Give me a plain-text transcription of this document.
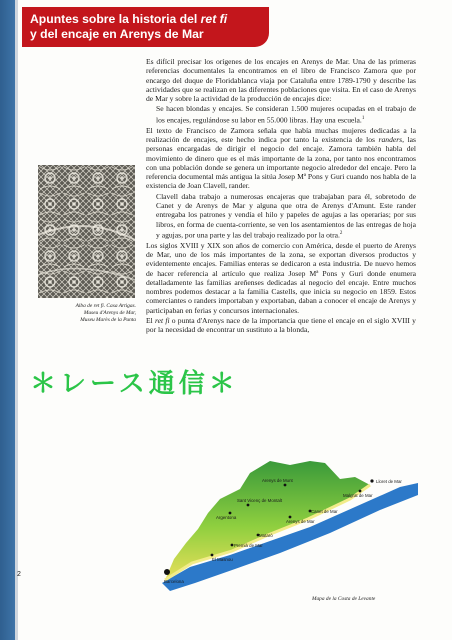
Apuntes sobre la historia del ret fi
y del encaje en Arenys de Mar

Es difícil precisar los orígenes de los encajes en Arenys de Mar. Una de las primeras referencias documentales la encontramos en el libro de Francisco Zamora que por encargo del duque de Floridablanca viaja por Cataluña entre 1789-1790 y describe las actividades que se realizan en las diferentes poblaciones que visita. En el caso de Arenys de Mar y sobre la actividad de la producción de encajes dice:

Se hacen blondas y encajes. Se consideran 1.500 mujeres ocupadas en el trabajo de los encajes, regulándose su labor en 55.000 libras. Hay una escuela.$^1$

El texto de Francisco de Zamora señala que había muchas mujeres dedicadas a la realización de encajes, este hecho indica por tanto la existencia de los randers, las personas encargadas de dirigir el negocio del encaje. Zamora también habla del movimiento de dinero que es el más importante de la zona, por tanto nos encontramos con una población donde se genera un importante negocio alrededor del encaje. Pero la referencia documental más antigua la sitúa Josep Mª Pons y Guri cuando nos habla de la existencia de Joan Clavell, rander.

Clavell daba trabajo a numerosas encajeras que trabajaban para él, sobretodo de Canet y de Arenys de Mar y alguna que otra de Arenys d'Amunt. Este rander entregaba los patrones y vendía el hilo y papeles de agujas a las operarias; por sus libros, en forma de cuenta-corriente, se ven los asentamientos de las entregas de hoja y agujas, por una parte y las del trabajo realizado por la otra.$^2$

Los siglos XVIII y XIX son años de comercio con América, desde el puerto de Arenys de Mar, uno de los más importantes de la zona, se exportan diversos productos y evidentemente encajes. Familias enteras se dedicaron a esta industria. De nuevo hemos de hacer referencia al artículo que realiza Josep Mª Pons y Guri donde enumera detalladamente las familias areñenses dedicadas al negocio del encaje. Entre muchos nombres podemos destacar a la familia Castells, que inicia su negocio en 1859. Estos comerciantes o randers importaban y exportaban, daban a conocer el encaje de Arenys y participaban en ferias y concursos internacionales.

El ret fi o punta d'Arenys nace de la importancia que tiene el encaje en el siglo XVIII y por la necesidad de encontrar un sustituto a la blonda,

Alba de ret fi. Casa Artigas.
Museu d'Arenys de Mar,
Museu Marès de la Punta
＊レース通信＊
Lloret de Mar
Arenys de Munt
Malgrat de Mar
Sant Vicenç de Montalt
Arenys de Mar
Canet de Mar
Argentona
Mataró
Premià de Mar
El Masnou
Barcelona
Mapa de la Costa de Levante
2
